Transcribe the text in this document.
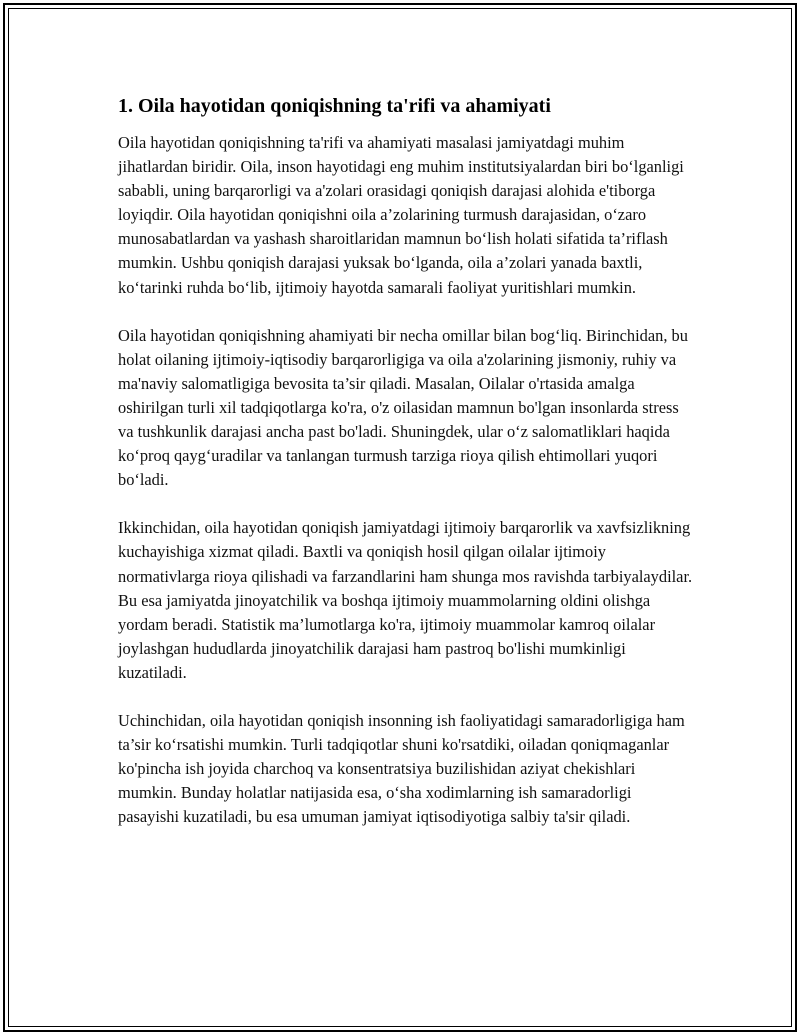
1. Oila hayotidan qoniqishning ta'rifi va ahamiyati

Oila hayotidan qoniqishning ta'rifi va ahamiyati masalasi jamiyatdagi muhim jihatlardan biridir. Oila, inson hayotidagi eng muhim institutsiyalardan biri bo‘lganligi sababli, uning barqarorligi va a'zolari orasidagi qoniqish darajasi alohida e'tiborga loyiqdir. Oila hayotidan qoniqishni oila a’zolarining turmush darajasidan, o‘zaro munosabatlardan va yashash sharoitlaridan mamnun bo‘lish holati sifatida ta’riflash mumkin. Ushbu qoniqish darajasi yuksak bo‘lganda, oila a’zolari yanada baxtli, ko‘tarinki ruhda bo‘lib, ijtimoiy hayotda samarali faoliyat yuritishlari mumkin.

Oila hayotidan qoniqishning ahamiyati bir necha omillar bilan bog‘liq. Birinchidan, bu holat oilaning ijtimoiy-iqtisodiy barqarorligiga va oila a'zolarining jismoniy, ruhiy va ma'naviy salomatligiga bevosita ta’sir qiladi. Masalan, Oilalar o'rtasida amalga oshirilgan turli xil tadqiqotlarga ko'ra, o'z oilasidan mamnun bo'lgan insonlarda stress va tushkunlik darajasi ancha past bo'ladi. Shuningdek, ular o‘z salomatliklari haqida ko‘proq qayg‘uradilar va tanlangan turmush tarziga rioya qilish ehtimollari yuqori bo‘ladi.

Ikkinchidan, oila hayotidan qoniqish jamiyatdagi ijtimoiy barqarorlik va xavfsizlikning kuchayishiga xizmat qiladi. Baxtli va qoniqish hosil qilgan oilalar ijtimoiy normativlarga rioya qilishadi va farzandlarini ham shunga mos ravishda tarbiyalaydilar. Bu esa jamiyatda jinoyatchilik va boshqa ijtimoiy muammolarning oldini olishga yordam beradi. Statistik ma’lumotlarga ko'ra, ijtimoiy muammolar kamroq oilalar joylashgan hududlarda jinoyatchilik darajasi ham pastroq bo'lishi mumkinligi kuzatiladi.

Uchinchidan, oila hayotidan qoniqish insonning ish faoliyatidagi samaradorligiga ham ta’sir ko‘rsatishi mumkin. Turli tadqiqotlar shuni ko'rsatdiki, oiladan qoniqmaganlar ko'pincha ish joyida charchoq va konsentratsiya buzilishidan aziyat chekishlari mumkin. Bunday holatlar natijasida esa, o‘sha xodimlarning ish samaradorligi pasayishi kuzatiladi, bu esa umuman jamiyat iqtisodiyotiga salbiy ta'sir qiladi.
